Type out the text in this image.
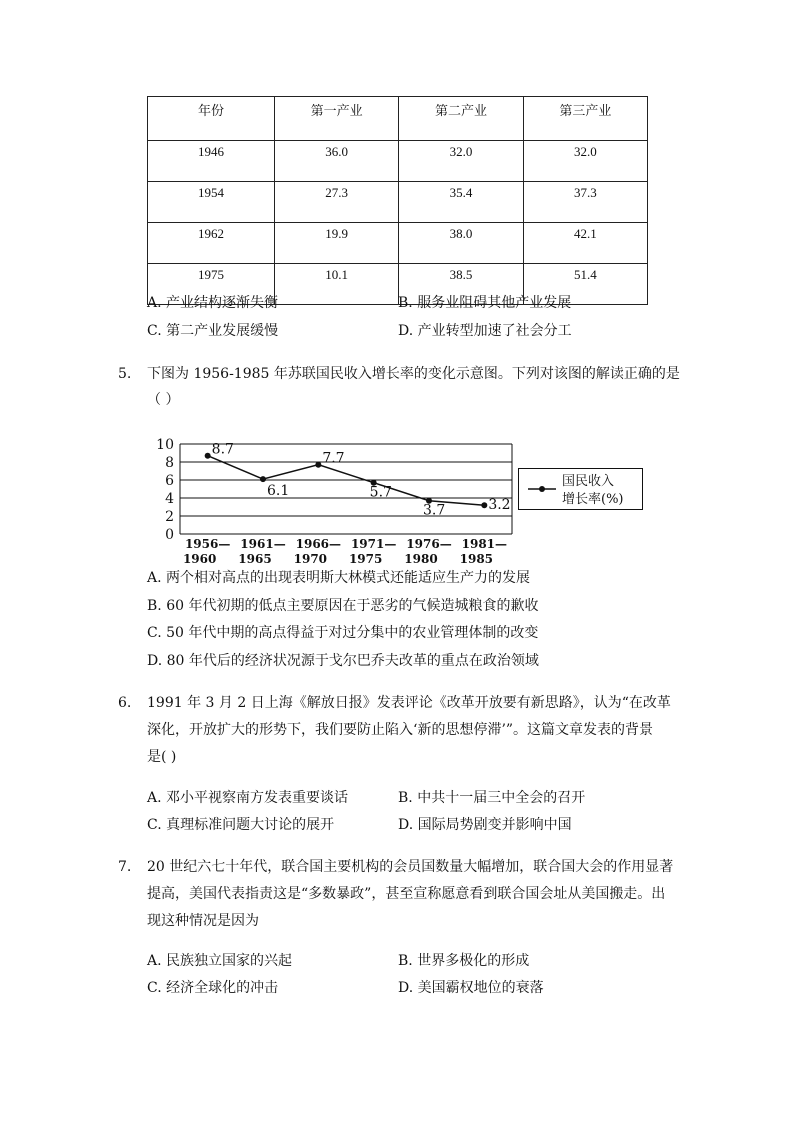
年份	第一产业	第二产业	第三产业
1946	36.0	32.0	32.0
1954	27.3	35.4	37.3
1962	19.9	38.0	42.1
1975	10.1	38.5	51.4
A. 产业结构逐渐失衡	B. 服务业阻碍其他产业发展
C. 第二产业发展缓慢	D. 产业转型加速了社会分工
5. 下图为 1956-1985 年苏联国民收入增长率的变化示意图。下列对该图的解读正确的是
（ ）
0
2
4
6
8
10
1956—
1960
1961—
1965
1966—
1970
1971—
1975
1976—
1980
1981—
1985
8.7
6.1
7.7
5.7
3.7	3.2
国民收入
增长率(%)
A. 两个相对高点的出现表明斯大林模式还能适应生产力的发展
B. 60 年代初期的低点主要原因在于恶劣的气候造城粮食的歉收
C. 50 年代中期的高点得益于对过分集中的农业管理体制的改变
D. 80 年代后的经济状况源于戈尔巴乔夫改革的重点在政治领域
6. 1991 年 3 月 2 日上海《解放日报》发表评论《改革开放要有新思路》，认为“在改革
深化，开放扩大的形势下，我们要防止陷入‘新的思想停滞’”。这篇文章发表的背景
是( )
A. 邓小平视察南方发表重要谈话	B. 中共十一届三中全会的召开
C. 真理标准问题大讨论的展开	D. 国际局势剧变并影响中国
7. 20 世纪六七十年代，联合国主要机构的会员国数量大幅增加，联合国大会的作用显著
提高，美国代表指责这是“多数暴政”，甚至宣称愿意看到联合国会址从美国搬走。出
现这种情况是因为
A. 民族独立国家的兴起	B. 世界多极化的形成
C. 经济全球化的冲击	D. 美国霸权地位的衰落
